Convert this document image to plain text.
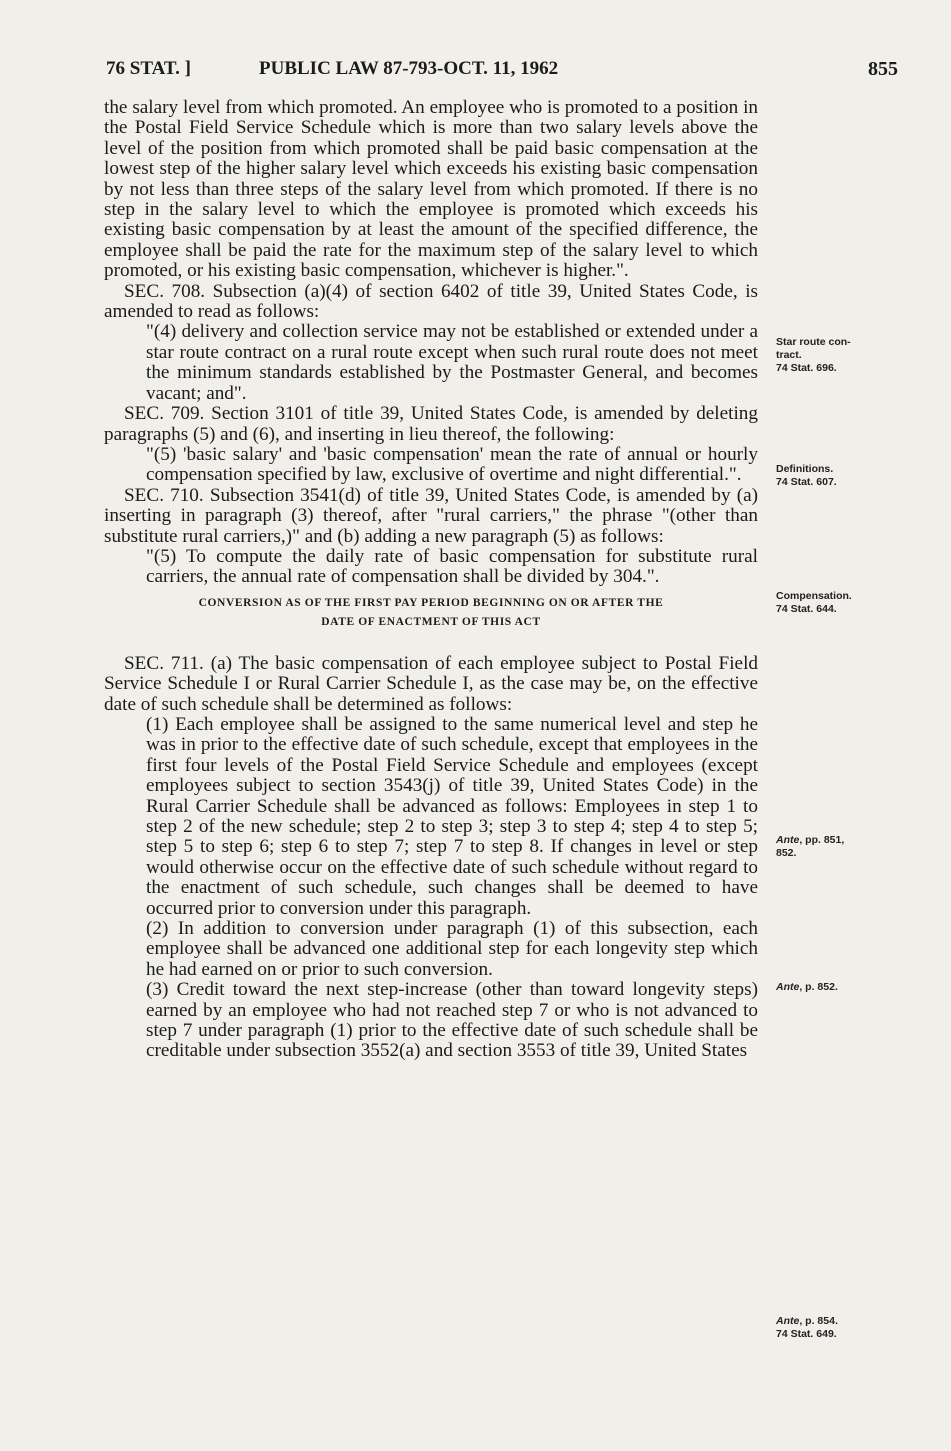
76 STAT. ]	PUBLIC LAW 87-793-OCT. 11, 1962	855

the salary level from which promoted. An employee who is promoted to a position in the Postal Field Service Schedule which is more than two salary levels above the level of the position from which promoted shall be paid basic compensation at the lowest step of the higher salary level which exceeds his existing basic compensation by not less than three steps of the salary level from which promoted. If there is no step in the salary level to which the employee is promoted which exceeds his existing basic compensation by at least the amount of the specified difference, the employee shall be paid the rate for the maximum step of the salary level to which promoted, or his existing basic compensation, whichever is higher.".

SEC. 708. Subsection (a)(4) of section 6402 of title 39, United States Code, is amended to read as follows:

"(4) delivery and collection service may not be established or extended under a star route contract on a rural route except when such rural route does not meet the minimum standards established by the Postmaster General, and becomes vacant; and".

SEC. 709. Section 3101 of title 39, United States Code, is amended by deleting paragraphs (5) and (6), and inserting in lieu thereof, the following:

"(5) 'basic salary' and 'basic compensation' mean the rate of annual or hourly compensation specified by law, exclusive of overtime and night differential.".

SEC. 710. Subsection 3541(d) of title 39, United States Code, is amended by (a) inserting in paragraph (3) thereof, after "rural carriers," the phrase "(other than substitute rural carriers,)" and (b) adding a new paragraph (5) as follows:

"(5) To compute the daily rate of basic compensation for substitute rural carriers, the annual rate of compensation shall be divided by 304.".

CONVERSION AS OF THE FIRST PAY PERIOD BEGINNING ON OR AFTER THE
DATE OF ENACTMENT OF THIS ACT

SEC. 711. (a) The basic compensation of each employee subject to Postal Field Service Schedule I or Rural Carrier Schedule I, as the case may be, on the effective date of such schedule shall be determined as follows:

(1) Each employee shall be assigned to the same numerical level and step he was in prior to the effective date of such schedule, except that employees in the first four levels of the Postal Field Service Schedule and employees (except employees subject to section 3543(j) of title 39, United States Code) in the Rural Carrier Schedule shall be advanced as follows: Employees in step 1 to step 2 of the new schedule; step 2 to step 3; step 3 to step 4; step 4 to step 5; step 5 to step 6; step 6 to step 7; step 7 to step 8. If changes in level or step would otherwise occur on the effective date of such schedule without regard to the enactment of such schedule, such changes shall be deemed to have occurred prior to conversion under this paragraph.

(2) In addition to conversion under paragraph (1) of this subsection, each employee shall be advanced one additional step for each longevity step which he had earned on or prior to such conversion.

(3) Credit toward the next step-increase (other than toward longevity steps) earned by an employee who had not reached step 7 or who is not advanced to step 7 under paragraph (1) prior to the effective date of such schedule shall be creditable under subsection 3552(a) and section 3553 of title 39, United States

Star route con-
tract.
74 Stat. 696.
Definitions.
74 Stat. 607.
Compensation.
74 Stat. 644.
Ante, pp. 851,
852.
Ante, p. 852.
Ante, p. 854.
74 Stat. 649.
